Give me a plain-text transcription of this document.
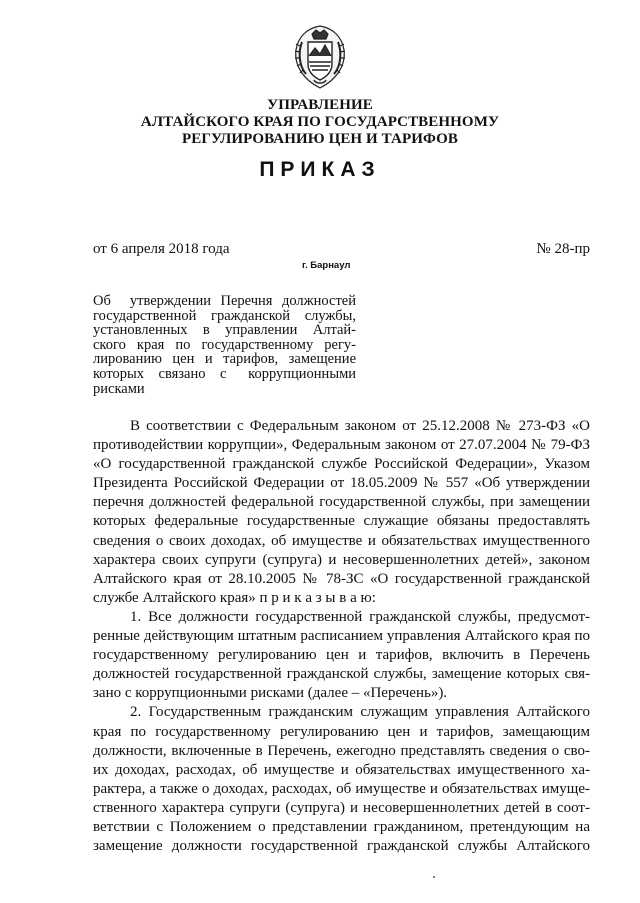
УПРАВЛЕНИЕ
АЛТАЙСКОГО КРАЯ ПО ГОСУДАРСТВЕННОМУ
РЕГУЛИРОВАНИЮ ЦЕН И ТАРИФОВ
ПРИКАЗ
от 6 апреля 2018 года	№ 28-пр
г. Барнаул
Об  утверждении Перечня должностей
государственной гражданской службы,
установленных  в  управлении  Алтай-
ского края по государственному регу-
лированию цен и тарифов, замещение
которых  связано  с   коррупционными
рисками
В соответствии с Федеральным законом от 25.12.2008 № 273-ФЗ «О
противодействии коррупции», Федеральным законом от 27.07.2004 № 79-ФЗ
«О государственной гражданской службе Российской Федерации», Указом
Президента Российской Федерации от 18.05.2009 № 557 «Об утверждении
перечня должностей федеральной государственной службы, при замещении
которых федеральные государственные служащие обязаны предоставлять
сведения о своих доходах, об имуществе и обязательствах имущественного
характера своих супруги (супруга) и несовершеннолетних детей», законом
Алтайского края от 28.10.2005 № 78-ЗС «О государственной гражданской
службе Алтайского края» п р и к а з ы в а ю:
1. Все должности государственной гражданской службы, предусмот-
ренные действующим штатным расписанием управления Алтайского края по
государственному регулированию цен и тарифов, включить в Перечень
должностей государственной гражданской службы, замещение которых свя-
зано с коррупционными рисками (далее – «Перечень»).
2. Государственным гражданским служащим управления Алтайского
края по государственному регулированию цен и тарифов, замещающим
должности, включенные в Перечень, ежегодно представлять сведения о сво-
их доходах, расходах, об имуществе и обязательствах имущественного ха-
рактера, а также о доходах, расходах, об имуществе и обязательствах имуще-
ственного характера супруги (супруга) и несовершеннолетних детей в соот-
ветствии с Положением о представлении гражданином, претендующим на
замещение должности государственной гражданской службы Алтайского
